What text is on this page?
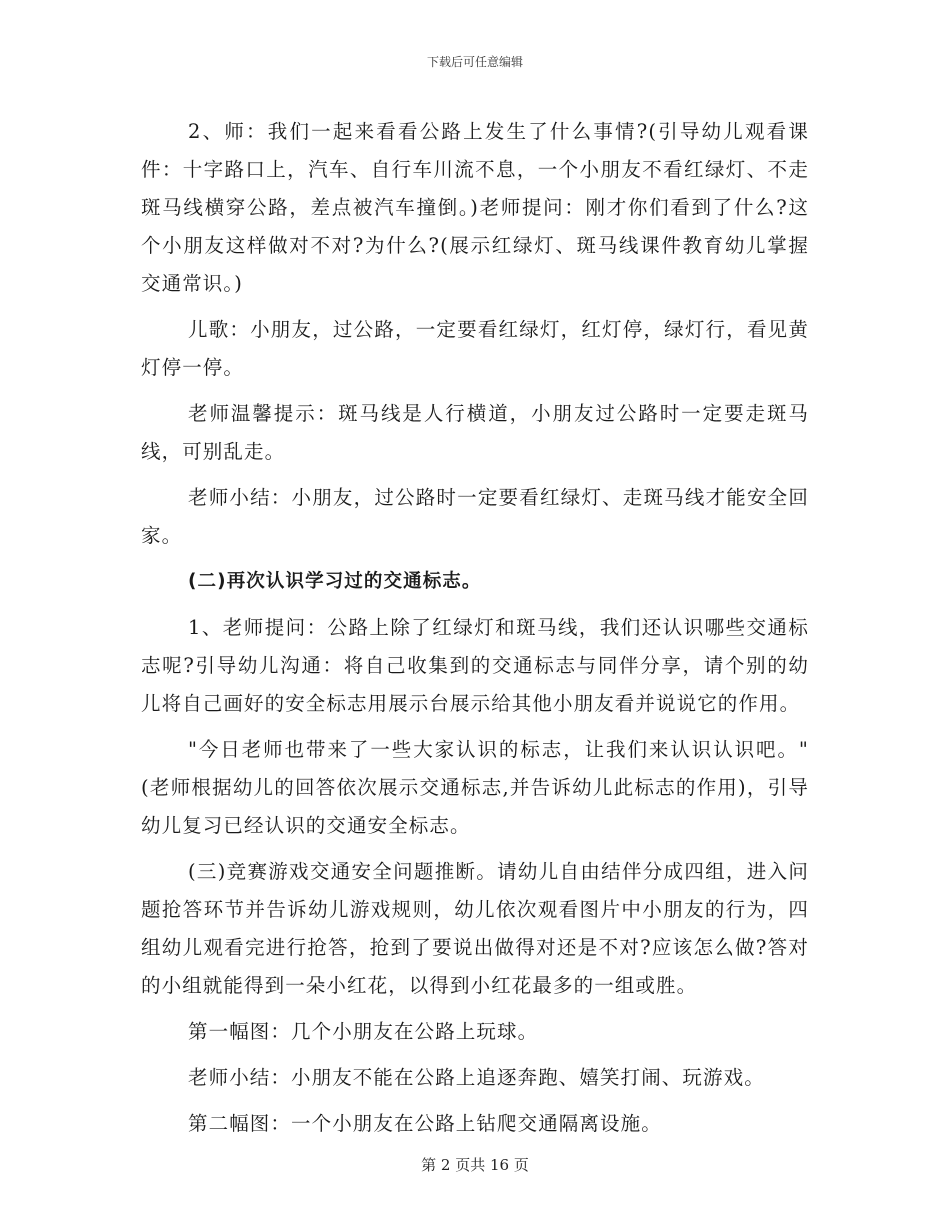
下载后可任意编辑

2、师：我们一起来看看公路上发生了什么事情?(引导幼儿观看课件：十字路口上，汽车、自行车川流不息，一个小朋友不看红绿灯、不走斑马线横穿公路，差点被汽车撞倒。)老师提问：刚才你们看到了什么?这个小朋友这样做对不对?为什么?(展示红绿灯、斑马线课件教育幼儿掌握交通常识。)

儿歌：小朋友，过公路，一定要看红绿灯，红灯停，绿灯行，看见黄灯停一停。

老师温馨提示：斑马线是人行横道，小朋友过公路时一定要走斑马线，可别乱走。

老师小结：小朋友，过公路时一定要看红绿灯、走斑马线才能安全回家。

(二)再次认识学习过的交通标志。

1、老师提问：公路上除了红绿灯和斑马线，我们还认识哪些交通标志呢?引导幼儿沟通：将自己收集到的交通标志与同伴分享，请个别的幼儿将自己画好的安全标志用展示台展示给其他小朋友看并说说它的作用。

"今日老师也带来了一些大家认识的标志，让我们来认识认识吧。"(老师根据幼儿的回答依次展示交通标志,并告诉幼儿此标志的作用)，引导幼儿复习已经认识的交通安全标志。

(三)竞赛游戏交通安全问题推断。请幼儿自由结伴分成四组，进入问题抢答环节并告诉幼儿游戏规则，幼儿依次观看图片中小朋友的行为，四组幼儿观看完进行抢答，抢到了要说出做得对还是不对?应该怎么做?答对的小组就能得到一朵小红花，以得到小红花最多的一组或胜。

第一幅图：几个小朋友在公路上玩球。

老师小结：小朋友不能在公路上追逐奔跑、嬉笑打闹、玩游戏。

第二幅图：一个小朋友在公路上钻爬交通隔离设施。

第 2 页共 16 页
